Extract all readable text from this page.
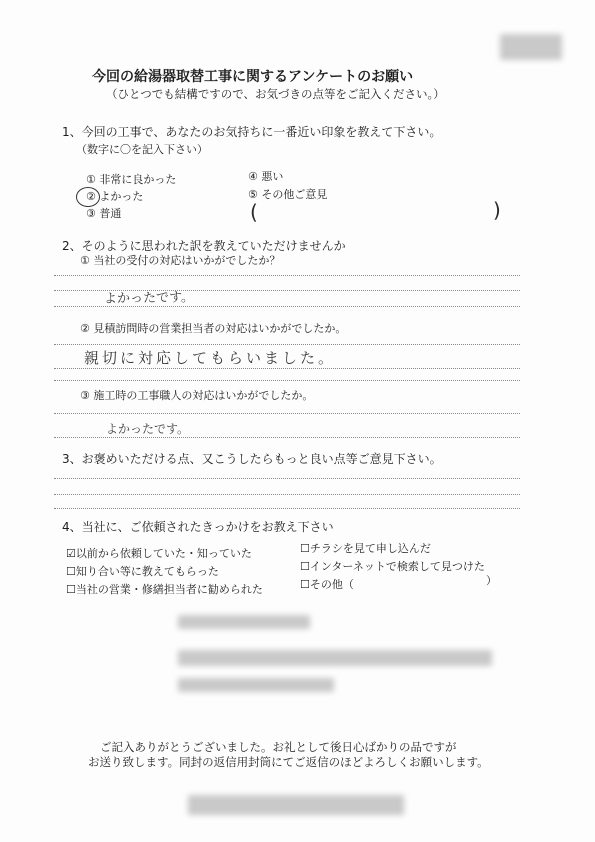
今回の給湯器取替工事に関するアンケートのお願い
（ひとつでも結構ですので、お気づきの点等をご記入ください。）
1、今回の工事で、あなたのお気持ちに一番近い印象を教えて下さい。
（数字に〇を記入下さい）
① 非常に良かった
② よかった
③ 普通
④ 悪い
⑤ その他ご意見
(	)
2、そのように思われた訳を教えていただけませんか
① 当社の受付の対応はいかがでしたか？
よかったです。
② 見積訪問時の営業担当者の対応はいかがでしたか。
親切に対応してもらいました。
③ 施工時の工事職人の対応はいかがでしたか。
よかったです。
3、お褒めいただける点、又こうしたらもっと良い点等ご意見下さい。
4、当社に、ご依頼されたきっかけをお教え下さい
☑以前から依頼していた・知っていた
☐知り合い等に教えてもらった
☐当社の営業・修繕担当者に勧められた
☐チラシを見て申し込んだ
☐インターネットで検索して見つけた
☐その他（	）
ご記入ありがとうございました。お礼として後日心ばかりの品ですが
お送り致します。同封の返信用封筒にてご返信のほどよろしくお願いします。
